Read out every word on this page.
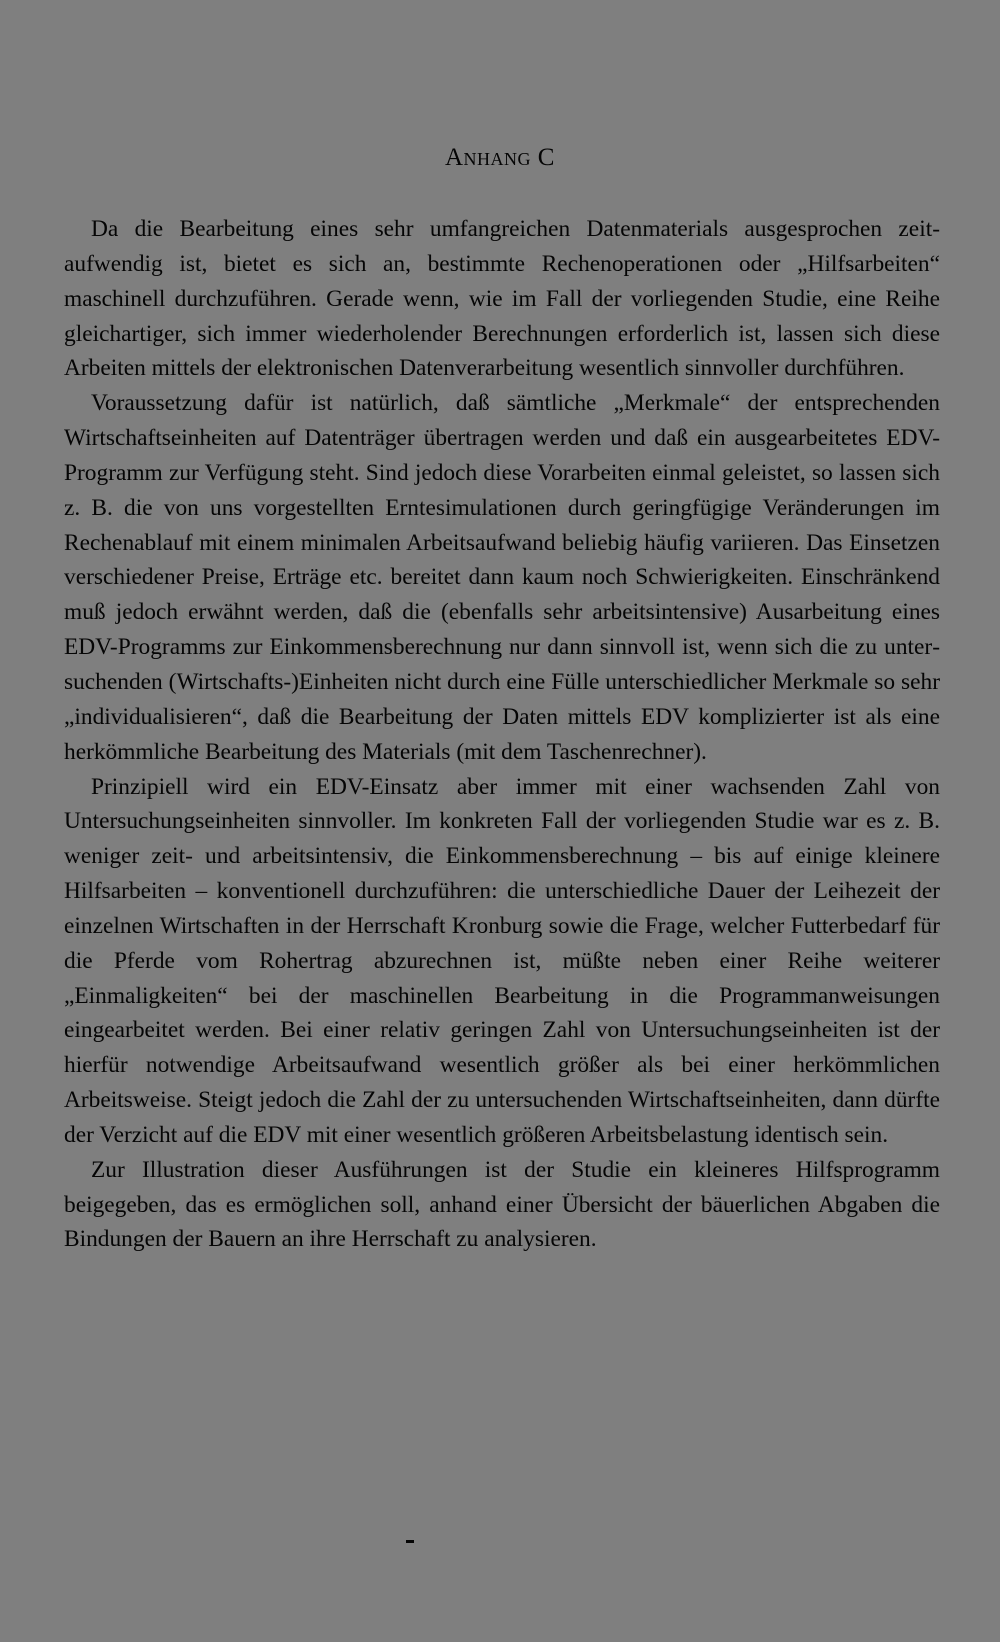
Anhang C

Da die Bearbeitung eines sehr umfangreichen Datenmaterials ausgesprochen zeitaufwendig ist, bietet es sich an, bestimmte Rechenoperationen oder „Hilfsarbeiten“ maschinell durchzuführen. Gerade wenn, wie im Fall der vorliegenden Studie, eine Reihe gleichartiger, sich immer wiederholender Berechnungen erforderlich ist, lassen sich diese Arbeiten mittels der elektronischen Datenverarbeitung wesentlich sinnvoller durchführen.

Voraussetzung dafür ist natürlich, daß sämtliche „Merkmale“ der entsprechenden Wirtschaftseinheiten auf Datenträger übertragen werden und daß ein ausgearbeitetes EDV-Programm zur Verfügung steht. Sind jedoch diese Vorarbeiten einmal geleistet, so lassen sich z. B. die von uns vorgestellten Erntesimulationen durch geringfügige Veränderungen im Rechenablauf mit einem minimalen Arbeitsaufwand beliebig häufig variieren. Das Einsetzen verschiedener Preise, Erträge etc. bereitet dann kaum noch Schwierigkeiten. Einschränkend muß jedoch erwähnt werden, daß die (ebenfalls sehr arbeitsintensive) Ausarbeitung eines EDV-Programms zur Einkommensberechnung nur dann sinnvoll ist, wenn sich die zu untersuchenden (Wirtschafts-)Einheiten nicht durch eine Fülle unterschiedlicher Merkmale so sehr „individualisieren“, daß die Bearbeitung der Daten mittels EDV komplizierter ist als eine herkömmliche Bearbeitung des Materials (mit dem Taschenrechner).

Prinzipiell wird ein EDV-Einsatz aber immer mit einer wachsenden Zahl von Untersuchungseinheiten sinnvoller. Im konkreten Fall der vorliegenden Studie war es z. B. weniger zeit- und arbeitsintensiv, die Einkommensberechnung – bis auf einige kleinere Hilfsarbeiten – konventionell durchzuführen: die unterschiedliche Dauer der Leihezeit der einzelnen Wirtschaften in der Herrschaft Kronburg sowie die Frage, welcher Futterbedarf für die Pferde vom Rohertrag abzurechnen ist, müßte neben einer Reihe weiterer „Einmaligkeiten“ bei der maschinellen Bearbeitung in die Programmanweisungen eingearbeitet werden. Bei einer relativ geringen Zahl von Untersuchungseinheiten ist der hierfür notwendige Arbeitsaufwand wesentlich größer als bei einer herkömmlichen Arbeitsweise. Steigt jedoch die Zahl der zu untersuchenden Wirtschaftseinheiten, dann dürfte der Verzicht auf die EDV mit einer wesentlich größeren Arbeitsbelastung identisch sein.

Zur Illustration dieser Ausführungen ist der Studie ein kleineres Hilfsprogramm beigegeben, das es ermöglichen soll, anhand einer Übersicht der bäuerlichen Abgaben die Bindungen der Bauern an ihre Herrschaft zu analysieren.
